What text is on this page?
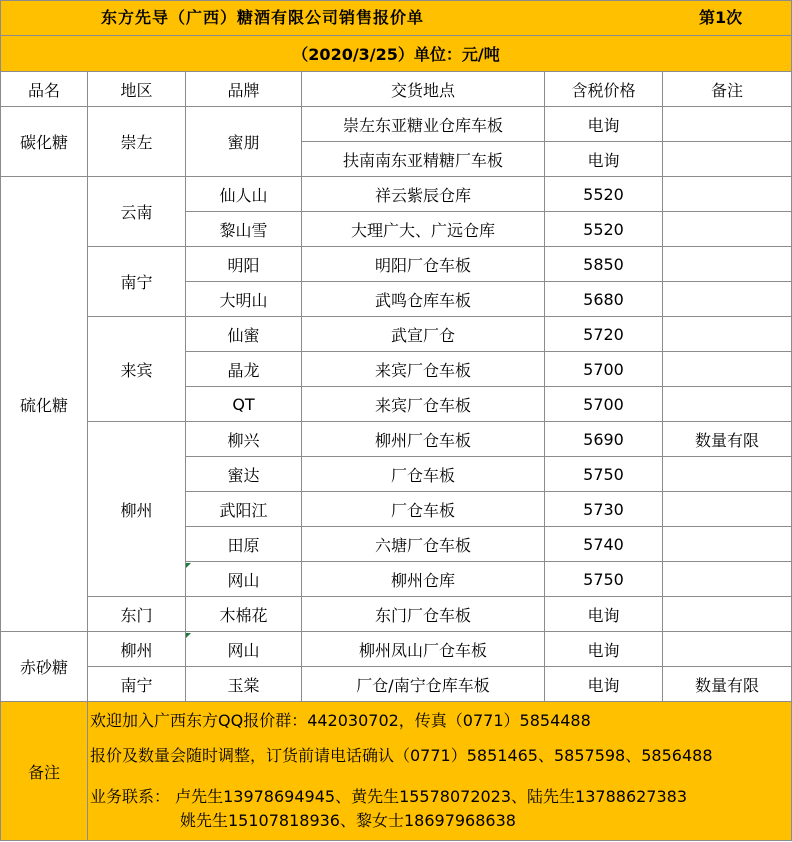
东方先导（广西）糖酒有限公司销售报价单 第1次					

（2020/3/25）单位：元/吨					
品名	地区	品牌	交货地点	含税价格	备注
碳化糖	崇左	蜜朋	崇左东亚糖业仓库车板	电询	
			扶南南东亚精糖厂车板	电询	
硫化糖	云南	仙人山	祥云紫辰仓库	5520	
		黎山雪	大理广大、广远仓库	5520	
	南宁	明阳	明阳厂仓车板	5850	
		大明山	武鸣仓库车板	5680	
	来宾	仙蜜	武宣厂仓	5720	
		晶龙	来宾厂仓车板	5700	
		QT	来宾厂仓车板	5700	
	柳州	柳兴	柳州厂仓车板	5690	数量有限
		蜜达	厂仓车板	5750	
		武阳江	厂仓车板	5730	
		田原	六塘厂仓车板	5740	
		网山	柳州仓库	5750	
	东门	木棉花	东门厂仓车板	电询	
赤砂糖	柳州	网山	柳州凤山厂仓车板	电询	
	南宁	玉棠	厂仓/南宁仓库车板	电询	数量有限
备注					
欢迎加入广西东方QQ报价群：442030702，传真（0771）5854488
报价及数量会随时调整，订货前请电话确认（0771）5851465、5857598、5856488
业务联系： 卢先生13978694945、黄先生15578072023、陆先生13788627383
姚先生15107818936、黎女士18697968638
